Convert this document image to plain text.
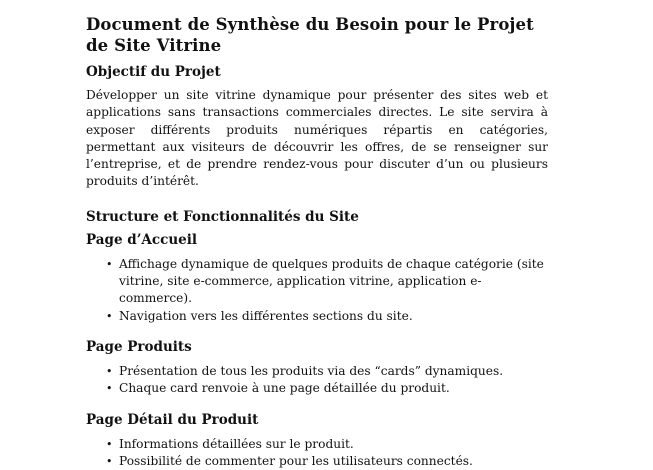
Document de Synthèse du Besoin pour le Projet de Site Vitrine
Objectif du Projet

Développer un site vitrine dynamique pour présenter des sites web et applications sans transactions commerciales directes. Le site servira à exposer différents produits numériques répartis en catégories, permettant aux visiteurs de découvrir les offres, de se renseigner sur l’entreprise, et de prendre rendez-vous pour discuter d’un ou plusieurs produits d’intérêt.

Structure et Fonctionnalités du Site
Page d’Accueil
• Affichage dynamique de quelques produits de chaque catégorie (site vitrine, site e-commerce, application vitrine, application e-commerce).
• Navigation vers les différentes sections du site.
Page Produits
• Présentation de tous les produits via des “cards” dynamiques.
• Chaque card renvoie à une page détaillée du produit.
Page Détail du Produit
• Informations détaillées sur le produit.
• Possibilité de commenter pour les utilisateurs connectés.
